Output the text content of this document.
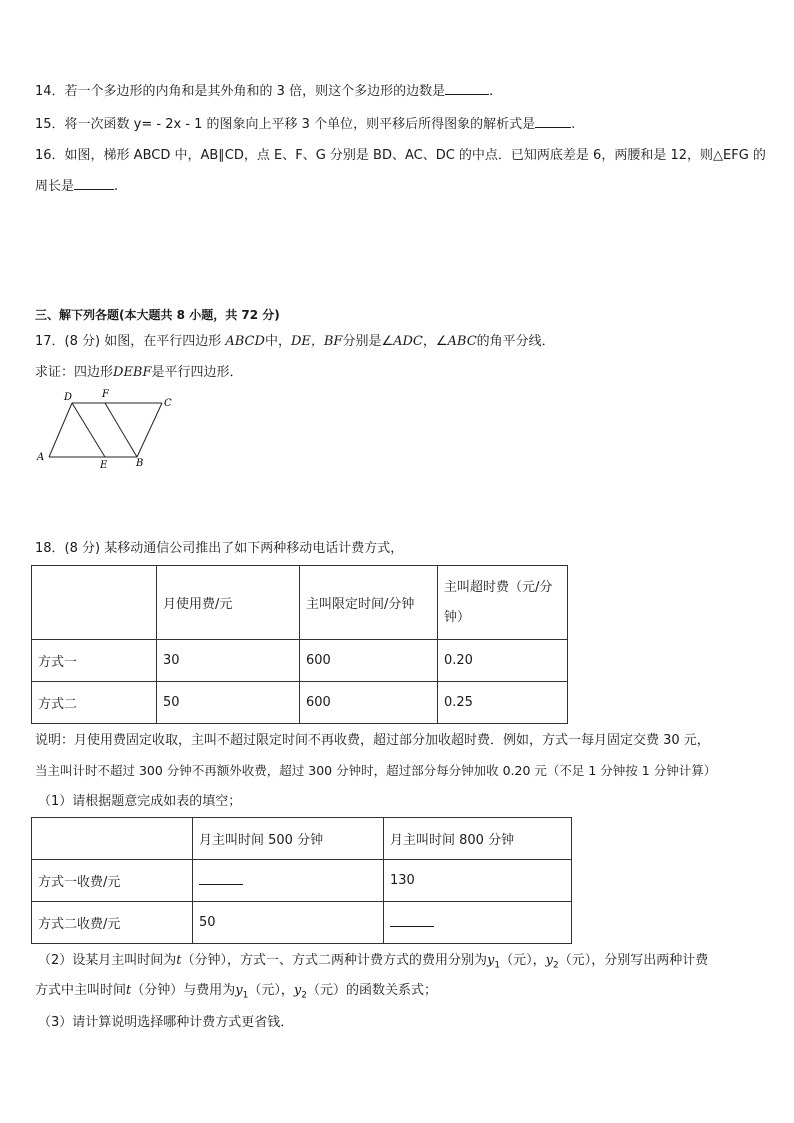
14．若一个多边形的内角和是其外角和的 3 倍，则这个多边形的边数是	.
15．将一次函数 y= - 2x - 1 的图象向上平移 3 个单位，则平移后所得图象的解析式是	.
16．如图，梯形 ABCD 中，AB∥CD，点 E、F、G 分别是 BD、AC、DC 的中点．已知两底差是 6，两腰和是 12，则△EFG 的
周长是	.
三、解下列各题(本大题共 8 小题，共 72 分)
17．(8 分) 如图，在平行四边形 ABCD中，DE，BF分别是∠ADC，∠ABC的角平分线．
求证：四边形DEBF是平行四边形．
D	F
C
A
E	B
18．(8 分) 某移动通信公司推出了如下两种移动电话计费方式，
	月使用费/元	主叫限定时间/分钟	主叫超时费（元/分
钟）
方式一	30	600	0.20
方式二	50	600	0.25
说明：月使用费固定收取，主叫不超过限定时间不再收费，超过部分加收超时费．例如，方式一每月固定交费 30 元，
当主叫计时不超过 300 分钟不再额外收费，超过 300 分钟时，超过部分每分钟加收 0.20 元（不足 1 分钟按 1 分钟计算）
（1）请根据题意完成如表的填空；
	月主叫时间 500 分钟	月主叫时间 800 分钟
方式一收费/元		130
方式二收费/元	50	
（2）设某月主叫时间为t（分钟），方式一、方式二两种计费方式的费用分别为$y_1$（元），$y_2$（元），分别写出两种计费
方式中主叫时间t（分钟）与费用为$y_1$（元），$y_2$（元）的函数关系式；
（3）请计算说明选择哪种计费方式更省钱．
